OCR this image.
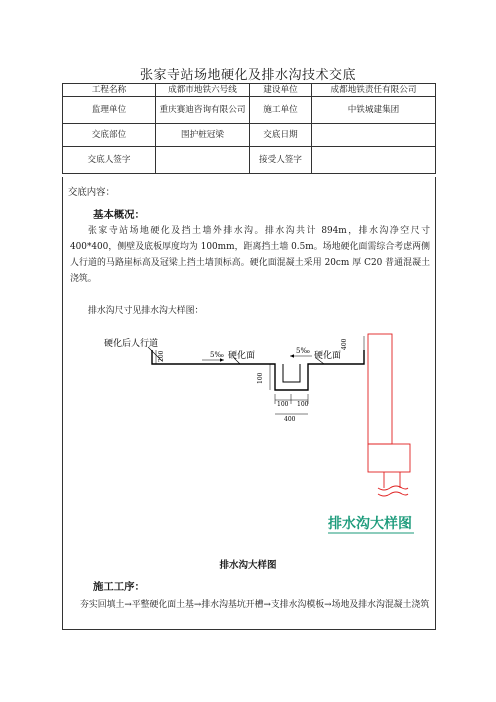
张家寺站场地硬化及排水沟技术交底
工程名称	成都市地铁六号线	建设单位	成都地铁责任有限公司
监理单位	重庆赛迪咨询有限公司	施工单位	中铁城建集团
交底部位	围护桩冠梁	交底日期	
交底人签字		接受人签字	
交底内容：
基本概况：
张家寺站场地硬化及挡土墙外排水沟。排水沟共计 894m，排水沟净空尺寸 400*400，侧壁及底板厚度均为 100mm，距离挡土墙 0.5m。场地硬化面需综合考虑两侧人行道的马路崖标高及冠梁上挡土墙顶标高。硬化面混凝土采用 20cm 厚 C20 普通混凝土浇筑。
排水沟尺寸见排水沟大样图：
硬化后人行道
硬化面	硬化面
5‰	5‰
200
400
100
100 100
400
排水沟大样图
排水沟大样图
施工工序：
夯实回填土→平整硬化面土基→排水沟基坑开槽→支排水沟模板→场地及排水沟混凝土浇筑
